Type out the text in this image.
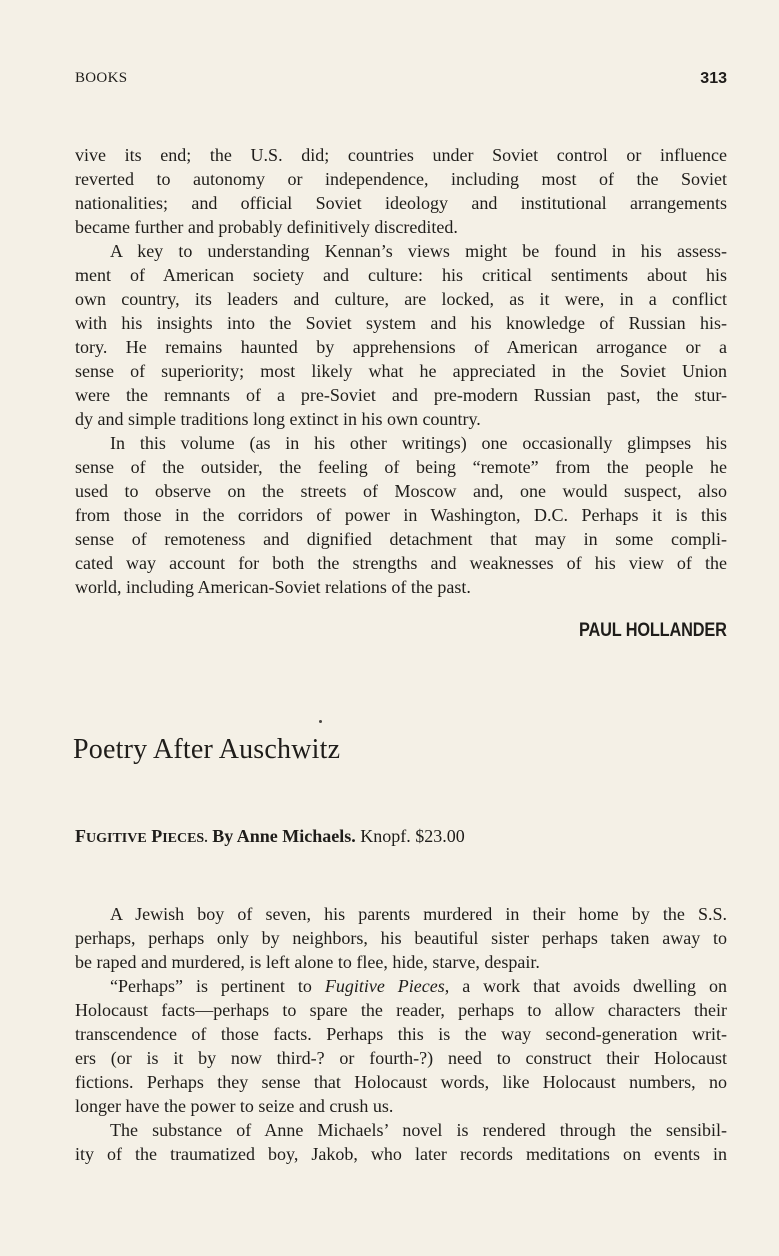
BOOKS	313
vive its end; the U.S. did; countries under Soviet control or influence
reverted to autonomy or independence, including most of the Soviet
nationalities; and official Soviet ideology and institutional arrangements
became further and probably definitively discredited.
A key to understanding Kennan’s views might be found in his assess-
ment of American society and culture: his critical sentiments about his
own country, its leaders and culture, are locked, as it were, in a conflict
with his insights into the Soviet system and his knowledge of Russian his-
tory. He remains haunted by apprehensions of American arrogance or a
sense of superiority; most likely what he appreciated in the Soviet Union
were the remnants of a pre-Soviet and pre-modern Russian past, the stur-
dy and simple traditions long extinct in his own country.
In this volume (as in his other writings) one occasionally glimpses his
sense of the outsider, the feeling of being “remote” from the people he
used to observe on the streets of Moscow and, one would suspect, also
from those in the corridors of power in Washington, D.C. Perhaps it is this
sense of remoteness and dignified detachment that may in some compli-
cated way account for both the strengths and weaknesses of his view of the
world, including American-Soviet relations of the past.
PAUL HOLLANDER
Poetry After Auschwitz
FUGITIVE PIECES. By Anne Michaels. Knopf. $23.00
A Jewish boy of seven, his parents murdered in their home by the S.S.
perhaps, perhaps only by neighbors, his beautiful sister perhaps taken away to
be raped and murdered, is left alone to flee, hide, starve, despair.
“Perhaps” is pertinent to Fugitive Pieces, a work that avoids dwelling on
Holocaust facts—perhaps to spare the reader, perhaps to allow characters their
transcendence of those facts. Perhaps this is the way second-generation writ-
ers (or is it by now third-? or fourth-?) need to construct their Holocaust
fictions. Perhaps they sense that Holocaust words, like Holocaust numbers, no
longer have the power to seize and crush us.
The substance of Anne Michaels’ novel is rendered through the sensibil-
ity of the traumatized boy, Jakob, who later records meditations on events in
